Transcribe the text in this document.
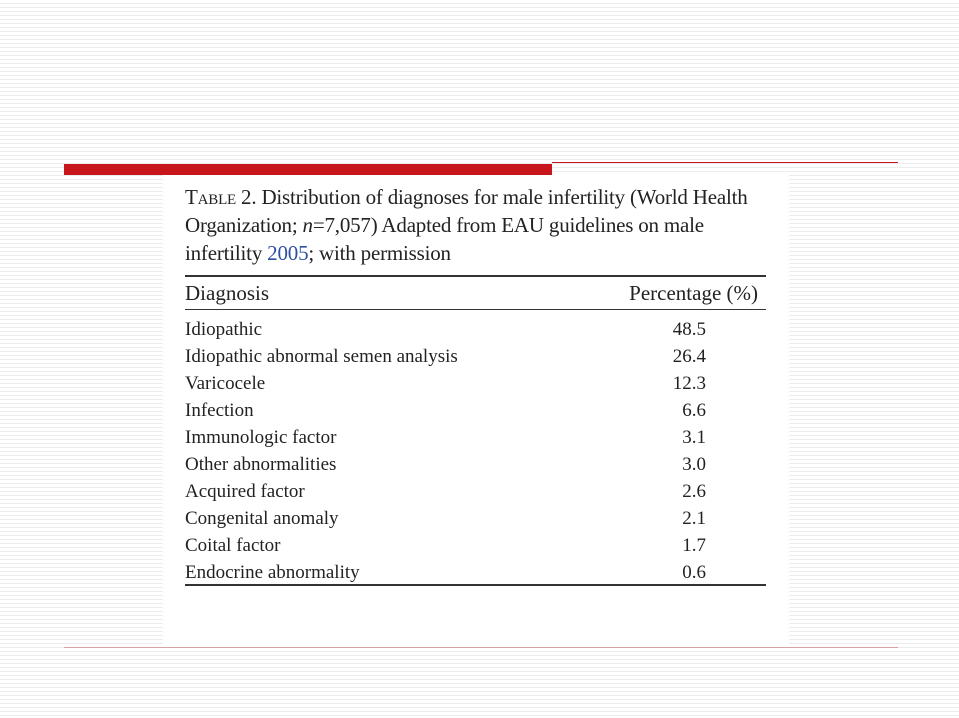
Table 2. Distribution of diagnoses for male infertility (World Health Organization; n=7,057) Adapted from EAU guidelines on male infertility 2005; with permission
Diagnosis	Percentage (%)
Idiopathic	48.5
Idiopathic abnormal semen analysis	26.4
Varicocele	12.3
Infection	6.6
Immunologic factor	3.1
Other abnormalities	3.0
Acquired factor	2.6
Congenital anomaly	2.1
Coital factor	1.7
Endocrine abnormality	0.6
